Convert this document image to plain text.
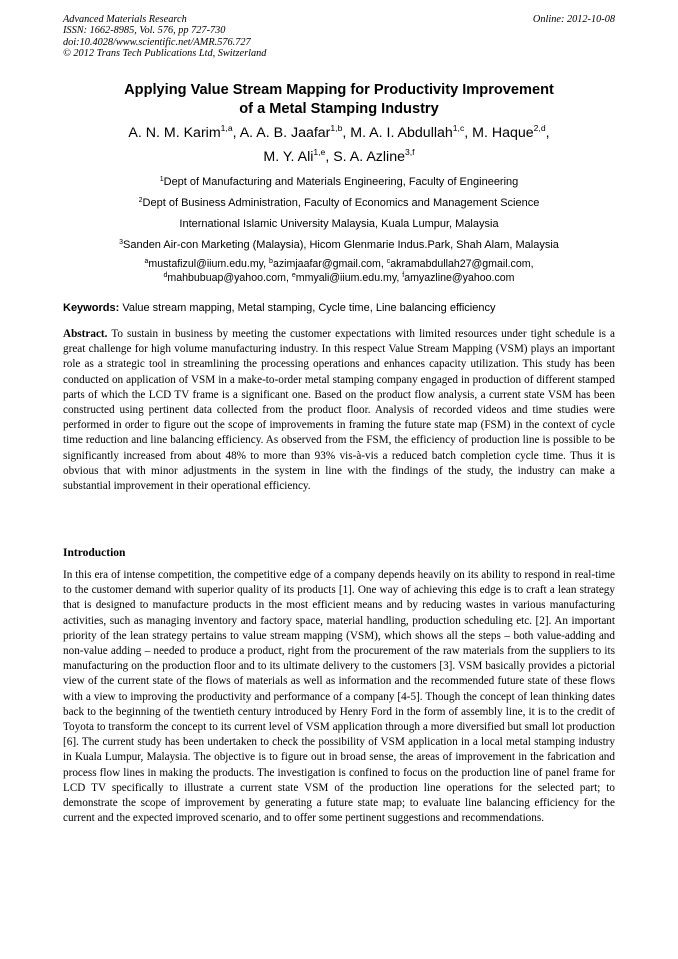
Advanced Materials Research
ISSN: 1662-8985, Vol. 576, pp 727-730
doi:10.4028/www.scientific.net/AMR.576.727
© 2012 Trans Tech Publications Ltd, Switzerland
Online: 2012-10-08
Applying Value Stream Mapping for Productivity Improvement
of a Metal Stamping Industry
A. N. M. Karim$^{1,a}$, A. A. B. Jaafar$^{1,b}$, M. A. I. Abdullah$^{1,c}$, M. Haque$^{2,d}$,
M. Y. Ali$^{1,e}$, S. A. Azline$^{3,f}$
$^1$Dept of Manufacturing and Materials Engineering, Faculty of Engineering
$^2$Dept of Business Administration, Faculty of Economics and Management Science
International Islamic University Malaysia, Kuala Lumpur, Malaysia
$^3$Sanden Air-con Marketing (Malaysia), Hicom Glenmarie Indus.Park, Shah Alam, Malaysia
$^a$mustafizul@iium.edu.my, $^b$azimjaafar@gmail.com, $^c$akramabdullah27@gmail.com,
$^d$mahbubuap@yahoo.com, $^e$mmyali@iium.edu.my, $^f$amyazline@yahoo.com
Keywords: Value stream mapping, Metal stamping, Cycle time, Line balancing efficiency

Abstract. To sustain in business by meeting the customer expectations with limited resources under tight schedule is a great challenge for high volume manufacturing industry. In this respect Value Stream Mapping (VSM) plays an important role as a strategic tool in streamlining the processing operations and enhances capacity utilization. This study has been conducted on application of VSM in a make-to-order metal stamping company engaged in production of different stamped parts of which the LCD TV frame is a significant one. Based on the product flow analysis, a current state VSM has been constructed using pertinent data collected from the product floor. Analysis of recorded videos and time studies were performed in order to figure out the scope of improvements in framing the future state map (FSM) in the context of cycle time reduction and line balancing efficiency. As observed from the FSM, the efficiency of production line is possible to be significantly increased from about 48% to more than 93% vis-à-vis a reduced batch completion cycle time. Thus it is obvious that with minor adjustments in the system in line with the findings of the study, the industry can make a substantial improvement in their operational efficiency.

Introduction

In this era of intense competition, the competitive edge of a company depends heavily on its ability to respond in real-time to the customer demand with superior quality of its products [1]. One way of achieving this edge is to craft a lean strategy that is designed to manufacture products in the most efficient means and by reducing wastes in various manufacturing activities, such as managing inventory and factory space, material handling, production scheduling etc. [2]. An important priority of the lean strategy pertains to value stream mapping (VSM), which shows all the steps – both value-adding and non-value adding – needed to produce a product, right from the procurement of the raw materials from the suppliers to its manufacturing on the production floor and to its ultimate delivery to the customers [3]. VSM basically provides a pictorial view of the current state of the flows of materials as well as information and the recommended future state of these flows with a view to improving the productivity and performance of a company [4-5]. Though the concept of lean thinking dates back to the beginning of the twentieth century introduced by Henry Ford in the form of assembly line, it is to the credit of Toyota to transform the concept to its current level of VSM application through a more diversified but small lot production [6]. The current study has been undertaken to check the possibility of VSM application in a local metal stamping industry in Kuala Lumpur, Malaysia. The objective is to figure out in broad sense, the areas of improvement in the fabrication and process flow lines in making the products. The investigation is confined to focus on the production line of panel frame for LCD TV specifically to illustrate a current state VSM of the production line operations for the selected part; to demonstrate the scope of improvement by generating a future state map; to evaluate line balancing efficiency for the current and the expected improved scenario, and to offer some pertinent suggestions and recommendations.
